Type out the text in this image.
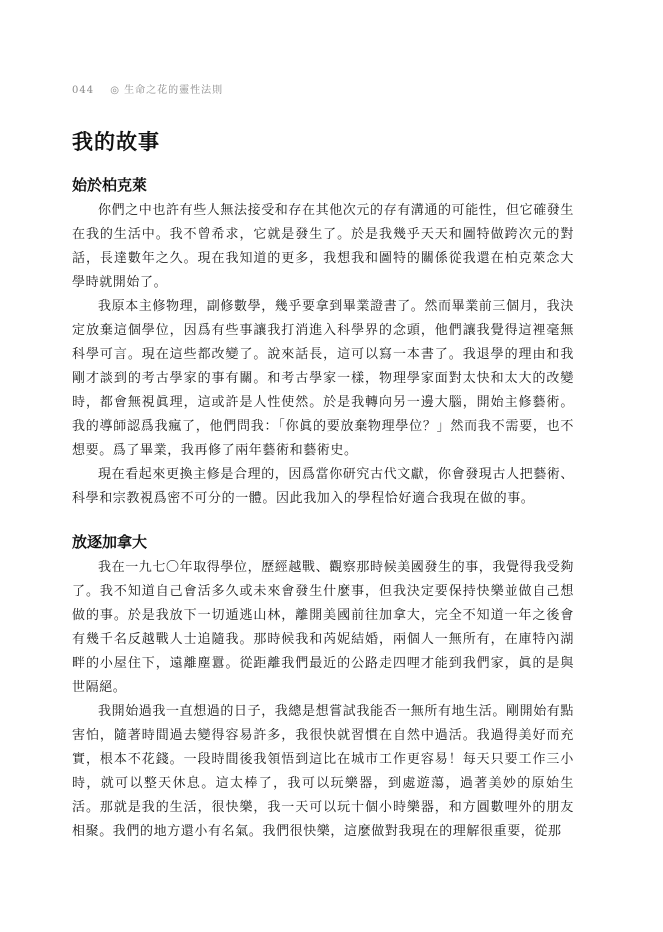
044 ◎ 生命之花的靈性法則
我的故事
始於柏克萊

你們之中也許有些人無法接受和存在其他次元的存有溝通的可能性，但它確發生在我的生活中。我不曾希求，它就是發生了。於是我幾乎天天和圖特做跨次元的對話，長達數年之久。現在我知道的更多，我想我和圖特的關係從我還在柏克萊念大學時就開始了。

我原本主修物理，副修數學，幾乎要拿到畢業證書了。然而畢業前三個月，我決定放棄這個學位，因爲有些事讓我打消進入科學界的念頭，他們讓我覺得這裡毫無科學可言。現在這些都改變了。說來話長，這可以寫一本書了。我退學的理由和我剛才談到的考古學家的事有關。和考古學家一樣，物理學家面對太快和太大的改變時，都會無視眞理，這或許是人性使然。於是我轉向另一邊大腦，開始主修藝術。我的導師認爲我瘋了，他們問我：「你眞的要放棄物理學位？」然而我不需要，也不想要。爲了畢業，我再修了兩年藝術和藝術史。

現在看起來更換主修是合理的，因爲當你研究古代文獻，你會發現古人把藝術、科學和宗教視爲密不可分的一體。因此我加入的學程恰好適合我現在做的事。

放逐加拿大

我在一九七〇年取得學位，歷經越戰、觀察那時候美國發生的事，我覺得我受夠了。我不知道自己會活多久或未來會發生什麼事，但我決定要保持快樂並做自己想做的事。於是我放下一切遁逃山林，離開美國前往加拿大，完全不知道一年之後會有幾千名反越戰人士追隨我。那時候我和芮妮結婚，兩個人一無所有，在庫特內湖畔的小屋住下，遠離塵囂。從距離我們最近的公路走四哩才能到我們家，眞的是與世隔絕。

我開始過我一直想過的日子，我總是想嘗試我能否一無所有地生活。剛開始有點害怕，隨著時間過去變得容易許多，我很快就習慣在自然中過活。我過得美好而充實，根本不花錢。一段時間後我領悟到這比在城市工作更容易！每天只要工作三小時，就可以整天休息。這太棒了，我可以玩樂器，到處遊蕩，過著美妙的原始生活。那就是我的生活，很快樂，我一天可以玩十個小時樂器，和方圓數哩外的朋友相聚。我們的地方還小有名氣。我們很快樂，這麼做對我現在的理解很重要，從那
